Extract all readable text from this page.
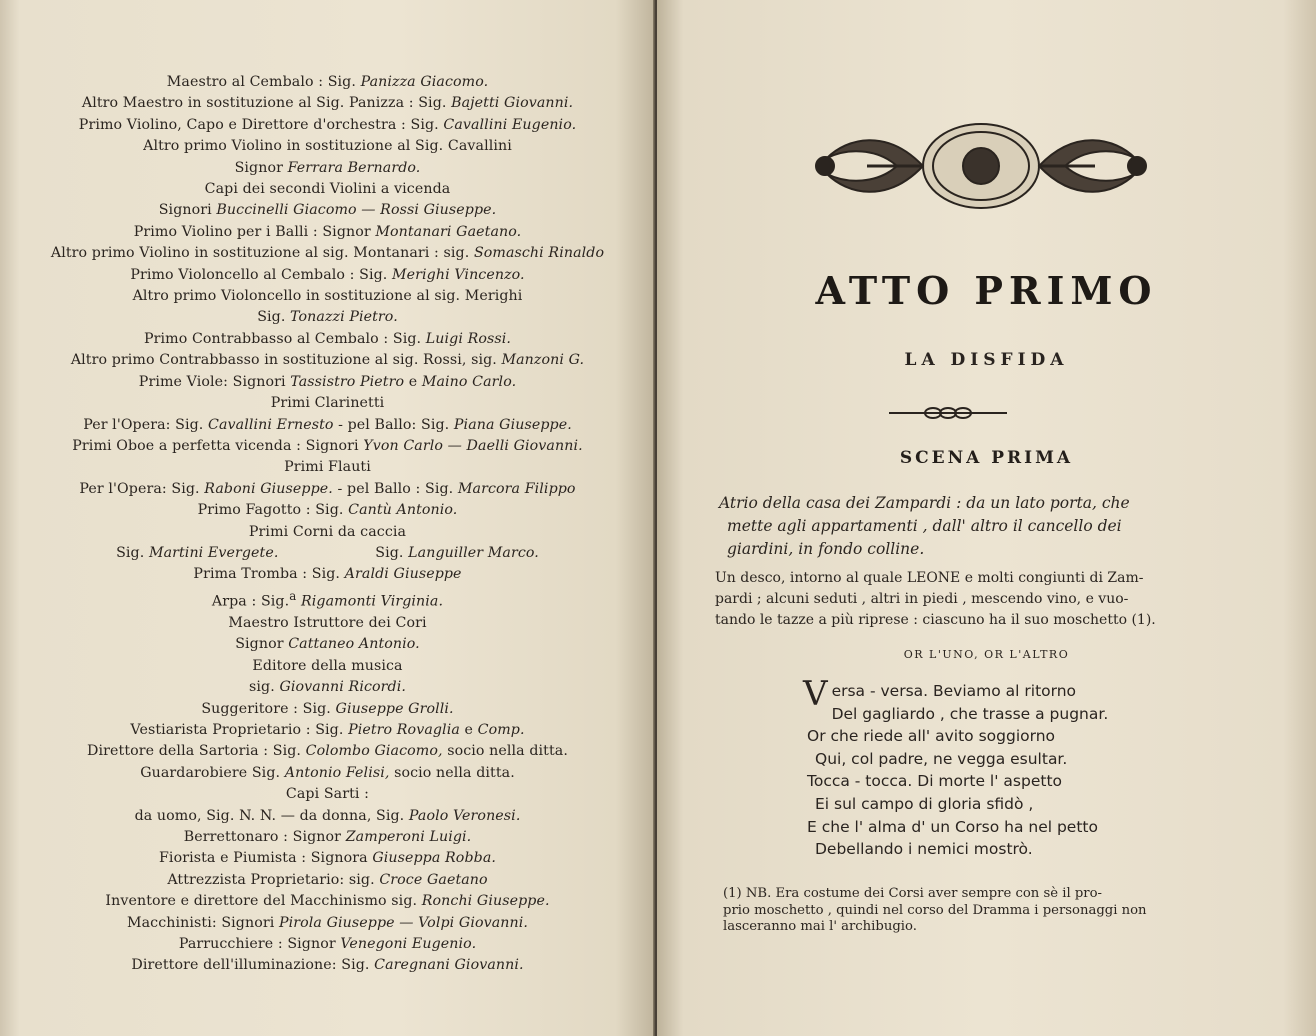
Maestro al Cembalo : Sig. Panizza Giacomo.
Altro Maestro in sostituzione al Sig. Panizza : Sig. Bajetti Giovanni.
Primo Violino, Capo e Direttore d'orchestra : Sig. Cavallini Eugenio.
Altro primo Violino in sostituzione al Sig. Cavallini
Signor Ferrara Bernardo.
Capi dei secondi Violini a vicenda
Signori Buccinelli Giacomo — Rossi Giuseppe.
Primo Violino per i Balli : Signor Montanari Gaetano.
Altro primo Violino in sostituzione al sig. Montanari : sig. Somaschi Rinaldo
Primo Violoncello al Cembalo : Sig. Merighi Vincenzo.
Altro primo Violoncello in sostituzione al sig. Merighi
Sig. Tonazzi Pietro.
Primo Contrabbasso al Cembalo : Sig. Luigi Rossi.
Altro primo Contrabbasso in sostituzione al sig. Rossi, sig. Manzoni G.
Prime Viole: Signori Tassistro Pietro e Maino Carlo.
Primi Clarinetti
Per l'Opera: Sig. Cavallini Ernesto - pel Ballo: Sig. Piana Giuseppe.
Primi Oboe a perfetta vicenda : Signori Yvon Carlo — Daelli Giovanni.
Primi Flauti
Per l'Opera: Sig. Raboni Giuseppe. - pel Ballo : Sig. Marcora Filippo
Primo Fagotto : Sig. Cantù Antonio.
Primi Corni da caccia
Sig. Martini Evergete.                     Sig. Languiller Marco.
Prima Tromba : Sig. Araldi Giuseppe
Arpa : Sig.$^a$ Rigamonti Virginia.
Maestro Istruttore dei Cori
Signor Cattaneo Antonio.
Editore della musica
sig. Giovanni Ricordi.
Suggeritore : Sig. Giuseppe Grolli.
Vestiarista Proprietario : Sig. Pietro Rovaglia e Comp.
Direttore della Sartoria : Sig. Colombo Giacomo, socio nella ditta.
Guardarobiere Sig. Antonio Felisi, socio nella ditta.
Capi Sarti :
da uomo, Sig. N. N. — da donna, Sig. Paolo Veronesi.
Berrettonaro : Signor Zamperoni Luigi.
Fiorista e Piumista : Signora Giuseppa Robba.
Attrezzista Proprietario: sig. Croce Gaetano
Inventore e direttore del Macchinismo sig. Ronchi Giuseppe.
Macchinisti: Signori Pirola Giuseppe — Volpi Giovanni.
Parrucchiere : Signor Venegoni Eugenio.
Direttore dell'illuminazione: Sig. Caregnani Giovanni.
ATTO PRIMO
LA DISFIDA
SCENA PRIMA
Atrio della casa dei Zampardi : da un lato porta, che
mette agli appartamenti , dall' altro il cancello dei
giardini, in fondo colline.
Un desco, intorno al quale LEONE e molti congiunti di Zam-
pardi ; alcuni seduti , altri in piedi , mescendo vino, e vuo-
tando le tazze a più riprese : ciascuno ha il suo moschetto (1).
OR L'UNO, OR L'ALTRO
Versa - versa. Beviamo al ritorno
Del gagliardo , che trasse a pugnar.
Or che riede all' avito soggiorno
Qui, col padre, ne vegga esultar.
Tocca - tocca. Di morte l' aspetto
Ei sul campo di gloria sfidò ,
E che l' alma d' un Corso ha nel petto
Debellando i nemici mostrò.
(1) NB. Era costume dei Corsi aver sempre con sè il pro-
prio moschetto , quindi nel corso del Dramma i personaggi non
lasceranno mai l' archibugio.
